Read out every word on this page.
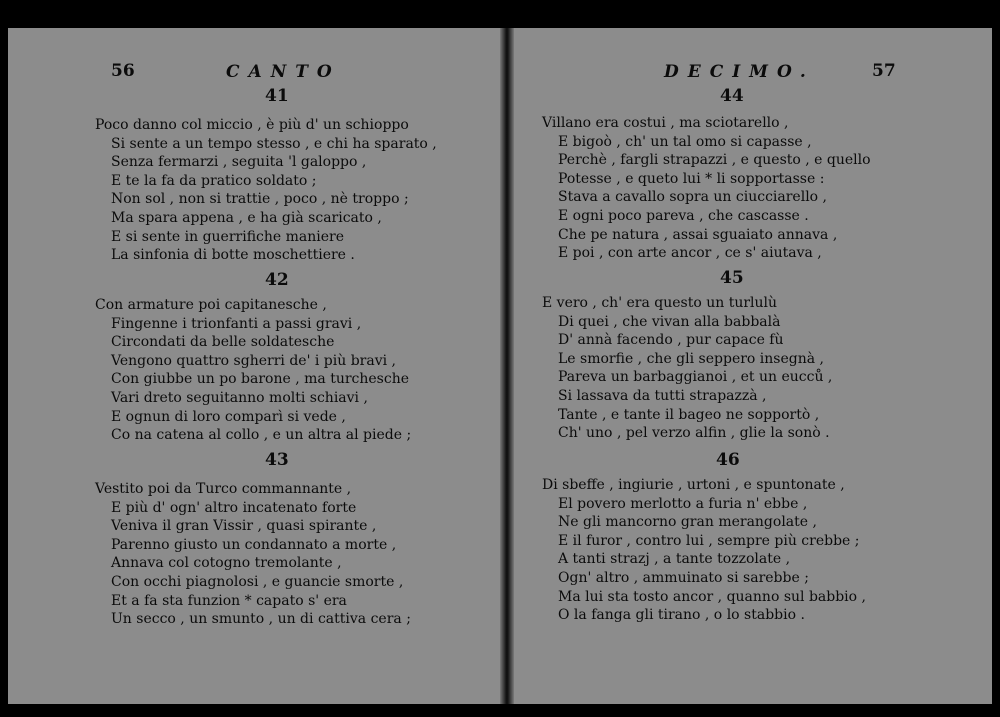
56	CANTO
41
Poco danno col miccio , è più d' un schioppo
Si sente a un tempo stesso , e chi ha sparato ,
Senza fermarzi , seguita 'l galoppo ,
E te la fa da pratico soldato ;
Non sol , non si trattie , poco , nè troppo ;
Ma spara appena , e ha già scaricato ,
E si sente in guerrifiche maniere
La sinfonia di botte moschettiere .
42
Con armature poi capitanesche ,
Fingenne i trionfanti a passi gravi ,
Circondati da belle soldatesche
Vengono quattro sgherri de' i più bravi ,
Con giubbe un po barone , ma turchesche
Vari dreto seguitanno molti schiavi ,
E ognun di loro comparì si vede ,
Co na catena al collo , e un altra al piede ;
43
Vestito poi da Turco commannante ,
E più d' ogn' altro incatenato forte
Veniva il gran Vissir , quasi spirante ,
Parenno giusto un condannato a morte ,
Annava col cotogno tremolante ,
Con occhi piagnolosi , e guancie smorte ,
Et a fa sta funzion * capato s' era
Un secco , un smunto , un di cattiva cera ;
DECIMO.	57
44
Villano era costui , ma sciotarello ,
E bigoò , ch' un tal omo si capasse ,
Perchè , fargli strapazzi , e questo , e quello
Potesse , e queto lui * li sopportasse :
Stava a cavallo sopra un ciucciarello ,
E ogni poco pareva , che cascasse .
Che pe natura , assai sguaiato annava ,
E poi , con arte ancor , ce s' aiutava ,
45
E vero , ch' era questo un turlulù
Di quei , che vivan alla babbalà
D' annà facendo , pur capace fù
Le smorfie , che gli seppero insegnà ,
Pareva un barbaggianoi , et un eucců ,
Si lassava da tutti strapazzà ,
Tante , e tante il bageo ne sopportò ,
Ch' uno , pel verzo alfin , glie la sonò .
46
Di sbeffe , ingiurie , urtoni , e spuntonate ,
El povero merlotto a furia n' ebbe ,
Ne gli mancorno gran merangolate ,
E il furor , contro lui , sempre più crebbe ;
A tanti strazj , a tante tozzolate ,
Ogn' altro , ammuinato si sarebbe ;
Ma lui sta tosto ancor , quanno sul babbio ,
O la fanga gli tirano , o lo stabbio .
